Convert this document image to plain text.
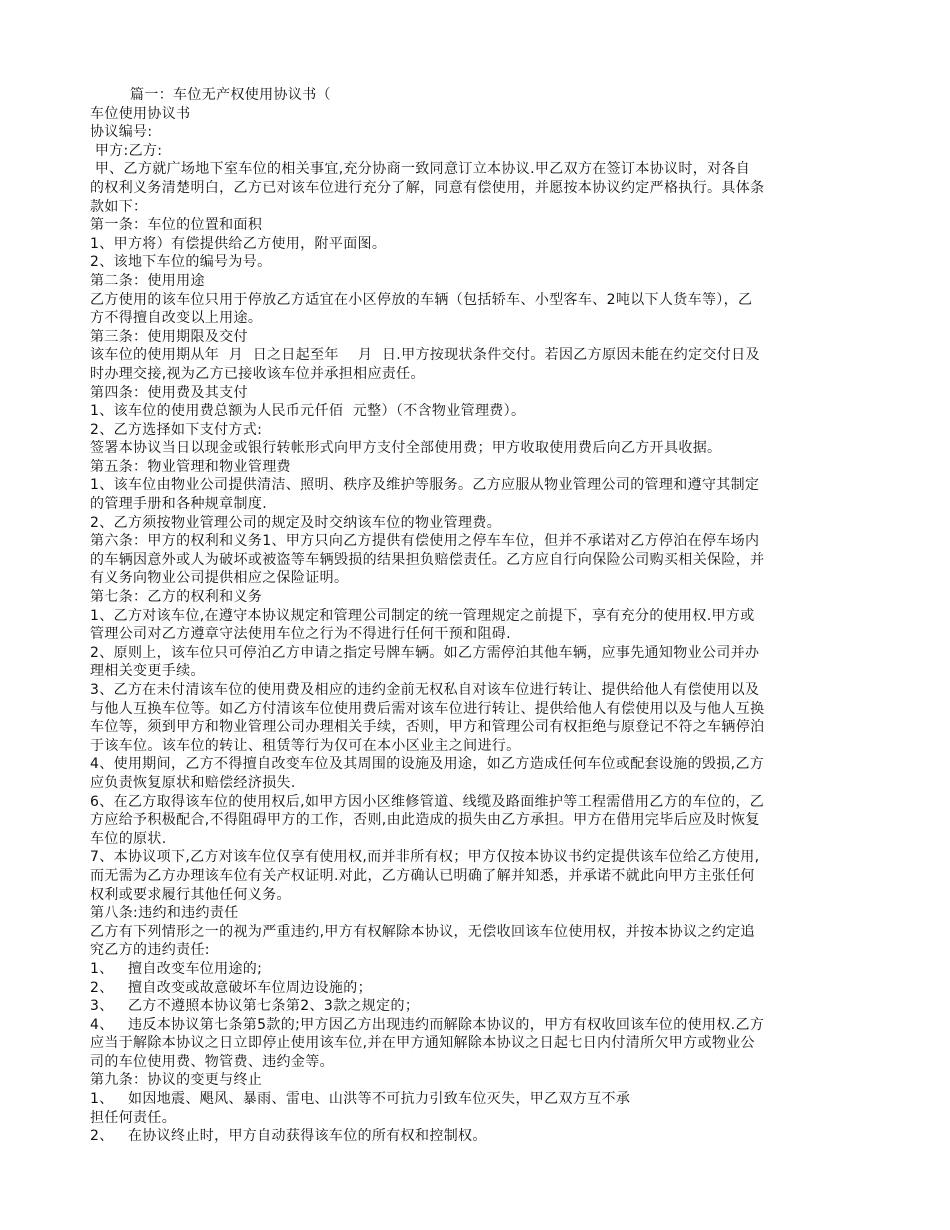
篇一：车位无产权使用协议书（

车位使用协议书

协议编号:

甲方:乙方:

甲、乙方就广场地下室车位的相关事宜,充分协商一致同意订立本协议.甲乙双方在签订本协议时，对各自

的权利义务清楚明白，乙方已对该车位进行充分了解，同意有偿使用，并愿按本协议约定严格执行。具体条

款如下：

第一条：车位的位置和面积

1、甲方将）有偿提供给乙方使用，附平面图。

2、该地下车位的编号为号。

第二条：使用用途

乙方使用的该车位只用于停放乙方适宜在小区停放的车辆（包括轿车、小型客车、2吨以下人货车等），乙

方不得擅自改变以上用途。

第三条：使用期限及交付

该车位的使用期从年  月  日之日起至年    月  日.甲方按现状条件交付。若因乙方原因未能在约定交付日及

时办理交接,视为乙方已接收该车位并承担相应责任。

第四条：使用费及其支付

1、该车位的使用费总额为人民币元仟佰  元整）（不含物业管理费）。

2、乙方选择如下支付方式:

签署本协议当日以现金或银行转帐形式向甲方支付全部使用费；甲方收取使用费后向乙方开具收据。

第五条：物业管理和物业管理费

1、该车位由物业公司提供清洁、照明、秩序及维护等服务。乙方应服从物业管理公司的管理和遵守其制定

的管理手册和各种规章制度.

2、乙方须按物业管理公司的规定及时交纳该车位的物业管理费。

第六条：甲方的权利和义务1、甲方只向乙方提供有偿使用之停车车位，但并不承诺对乙方停泊在停车场内

的车辆因意外或人为破坏或被盗等车辆毁损的结果担负赔偿责任。乙方应自行向保险公司购买相关保险，并

有义务向物业公司提供相应之保险证明。

第七条：乙方的权利和义务

1、乙方对该车位,在遵守本协议规定和管理公司制定的统一管理规定之前提下，享有充分的使用权.甲方或

管理公司对乙方遵章守法使用车位之行为不得进行任何干预和阻碍.

2、原则上，该车位只可停泊乙方申请之指定号牌车辆。如乙方需停泊其他车辆，应事先通知物业公司并办

理相关变更手续。

3、乙方在未付清该车位的使用费及相应的违约金前无权私自对该车位进行转让、提供给他人有偿使用以及

与他人互换车位等。如乙方付清该车位使用费后需对该车位进行转让、提供给他人有偿使用以及与他人互换

车位等，须到甲方和物业管理公司办理相关手续，否则，甲方和管理公司有权拒绝与原登记不符之车辆停泊

于该车位。该车位的转让、租赁等行为仅可在本小区业主之间进行。

4、使用期间，乙方不得擅自改变车位及其周围的设施及用途，如乙方造成任何车位或配套设施的毁损,乙方

应负责恢复原状和赔偿经济损失.

6、在乙方取得该车位的使用权后,如甲方因小区维修管道、线缆及路面维护等工程需借用乙方的车位的，乙

方应给予积极配合,不得阻碍甲方的工作，否则,由此造成的损失由乙方承担。甲方在借用完毕后应及时恢复

车位的原状.

7、本协议项下,乙方对该车位仅享有使用权,而并非所有权；甲方仅按本协议书约定提供该车位给乙方使用,

而无需为乙方办理该车位有关产权证明.对此，乙方确认已明确了解并知悉，并承诺不就此向甲方主张任何

权利或要求履行其他任何义务。

第八条:违约和违约责任

乙方有下列情形之一的视为严重违约,甲方有权解除本协议，无偿收回该车位使用权，并按本协议之约定追

究乙方的违约责任:

1、   擅自改变车位用途的;

2、   擅自改变或故意破坏车位周边设施的；

3、   乙方不遵照本协议第七条第2、3款之规定的；

4、   违反本协议第七条第5款的;甲方因乙方出现违约而解除本协议的，甲方有权收回该车位的使用权.乙方

应当于解除本协议之日立即停止使用该车位,并在甲方通知解除本协议之日起七日内付清所欠甲方或物业公

司的车位使用费、物管费、违约金等。

第九条：协议的变更与终止

1、   如因地震、飓风、暴雨、雷电、山洪等不可抗力引致车位灭失，甲乙双方互不承

担任何责任。

2、   在协议终止时，甲方自动获得该车位的所有权和控制权。
